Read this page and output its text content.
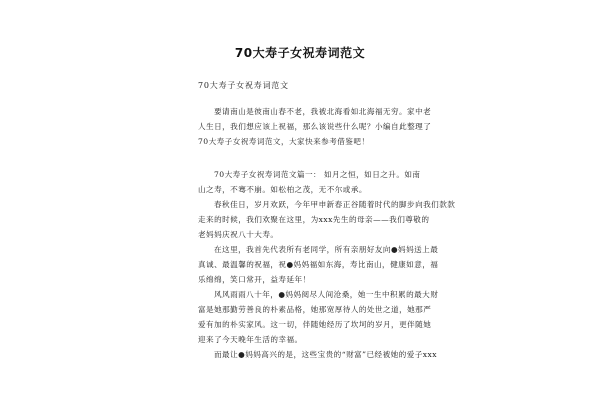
70大寿子女祝寿词范文
70大寿子女祝寿词范文
要请南山是彼南山春不老，我被北海看如北海福无穷。家中老
人生日，我们想应该上祝福，那么该说些什么呢？小编自此整理了
70大寿子女祝寿词范文，大家快来参考借鉴吧！
70大寿子女祝寿词范文篇一： 如月之恒，如日之升。如南
山之寿，不骞不崩。如松柏之茂，无不尔或承。
春秋佳日，岁月欢跃，今年甲申新春正谷随着时代的脚步向我们款款
走来的时候，我们欢聚在这里，为xxx先生的母亲——我们尊敬的
老妈妈庆祝八十大寿。
在这里，我首先代表所有老同学，所有亲朋好友向●妈妈送上最
真诚、最温馨的祝福，祝●妈妈福如东海，寿比南山，健康如意，福
乐绵绵，笑口常开，益寿延年！
风风雨雨八十年，●妈妈阅尽人间沧桑，她一生中积累的最大财
富是她那勤劳善良的朴素品格，她那宽厚待人的处世之道，她那严
爱有加的朴实家风。这一切，伴随她经历了坎坷的岁月，更伴随她
迎来了今天晚年生活的幸福。
而最让●妈妈高兴的是，这些宝贵的“财富”已经被她的爱子xxx
